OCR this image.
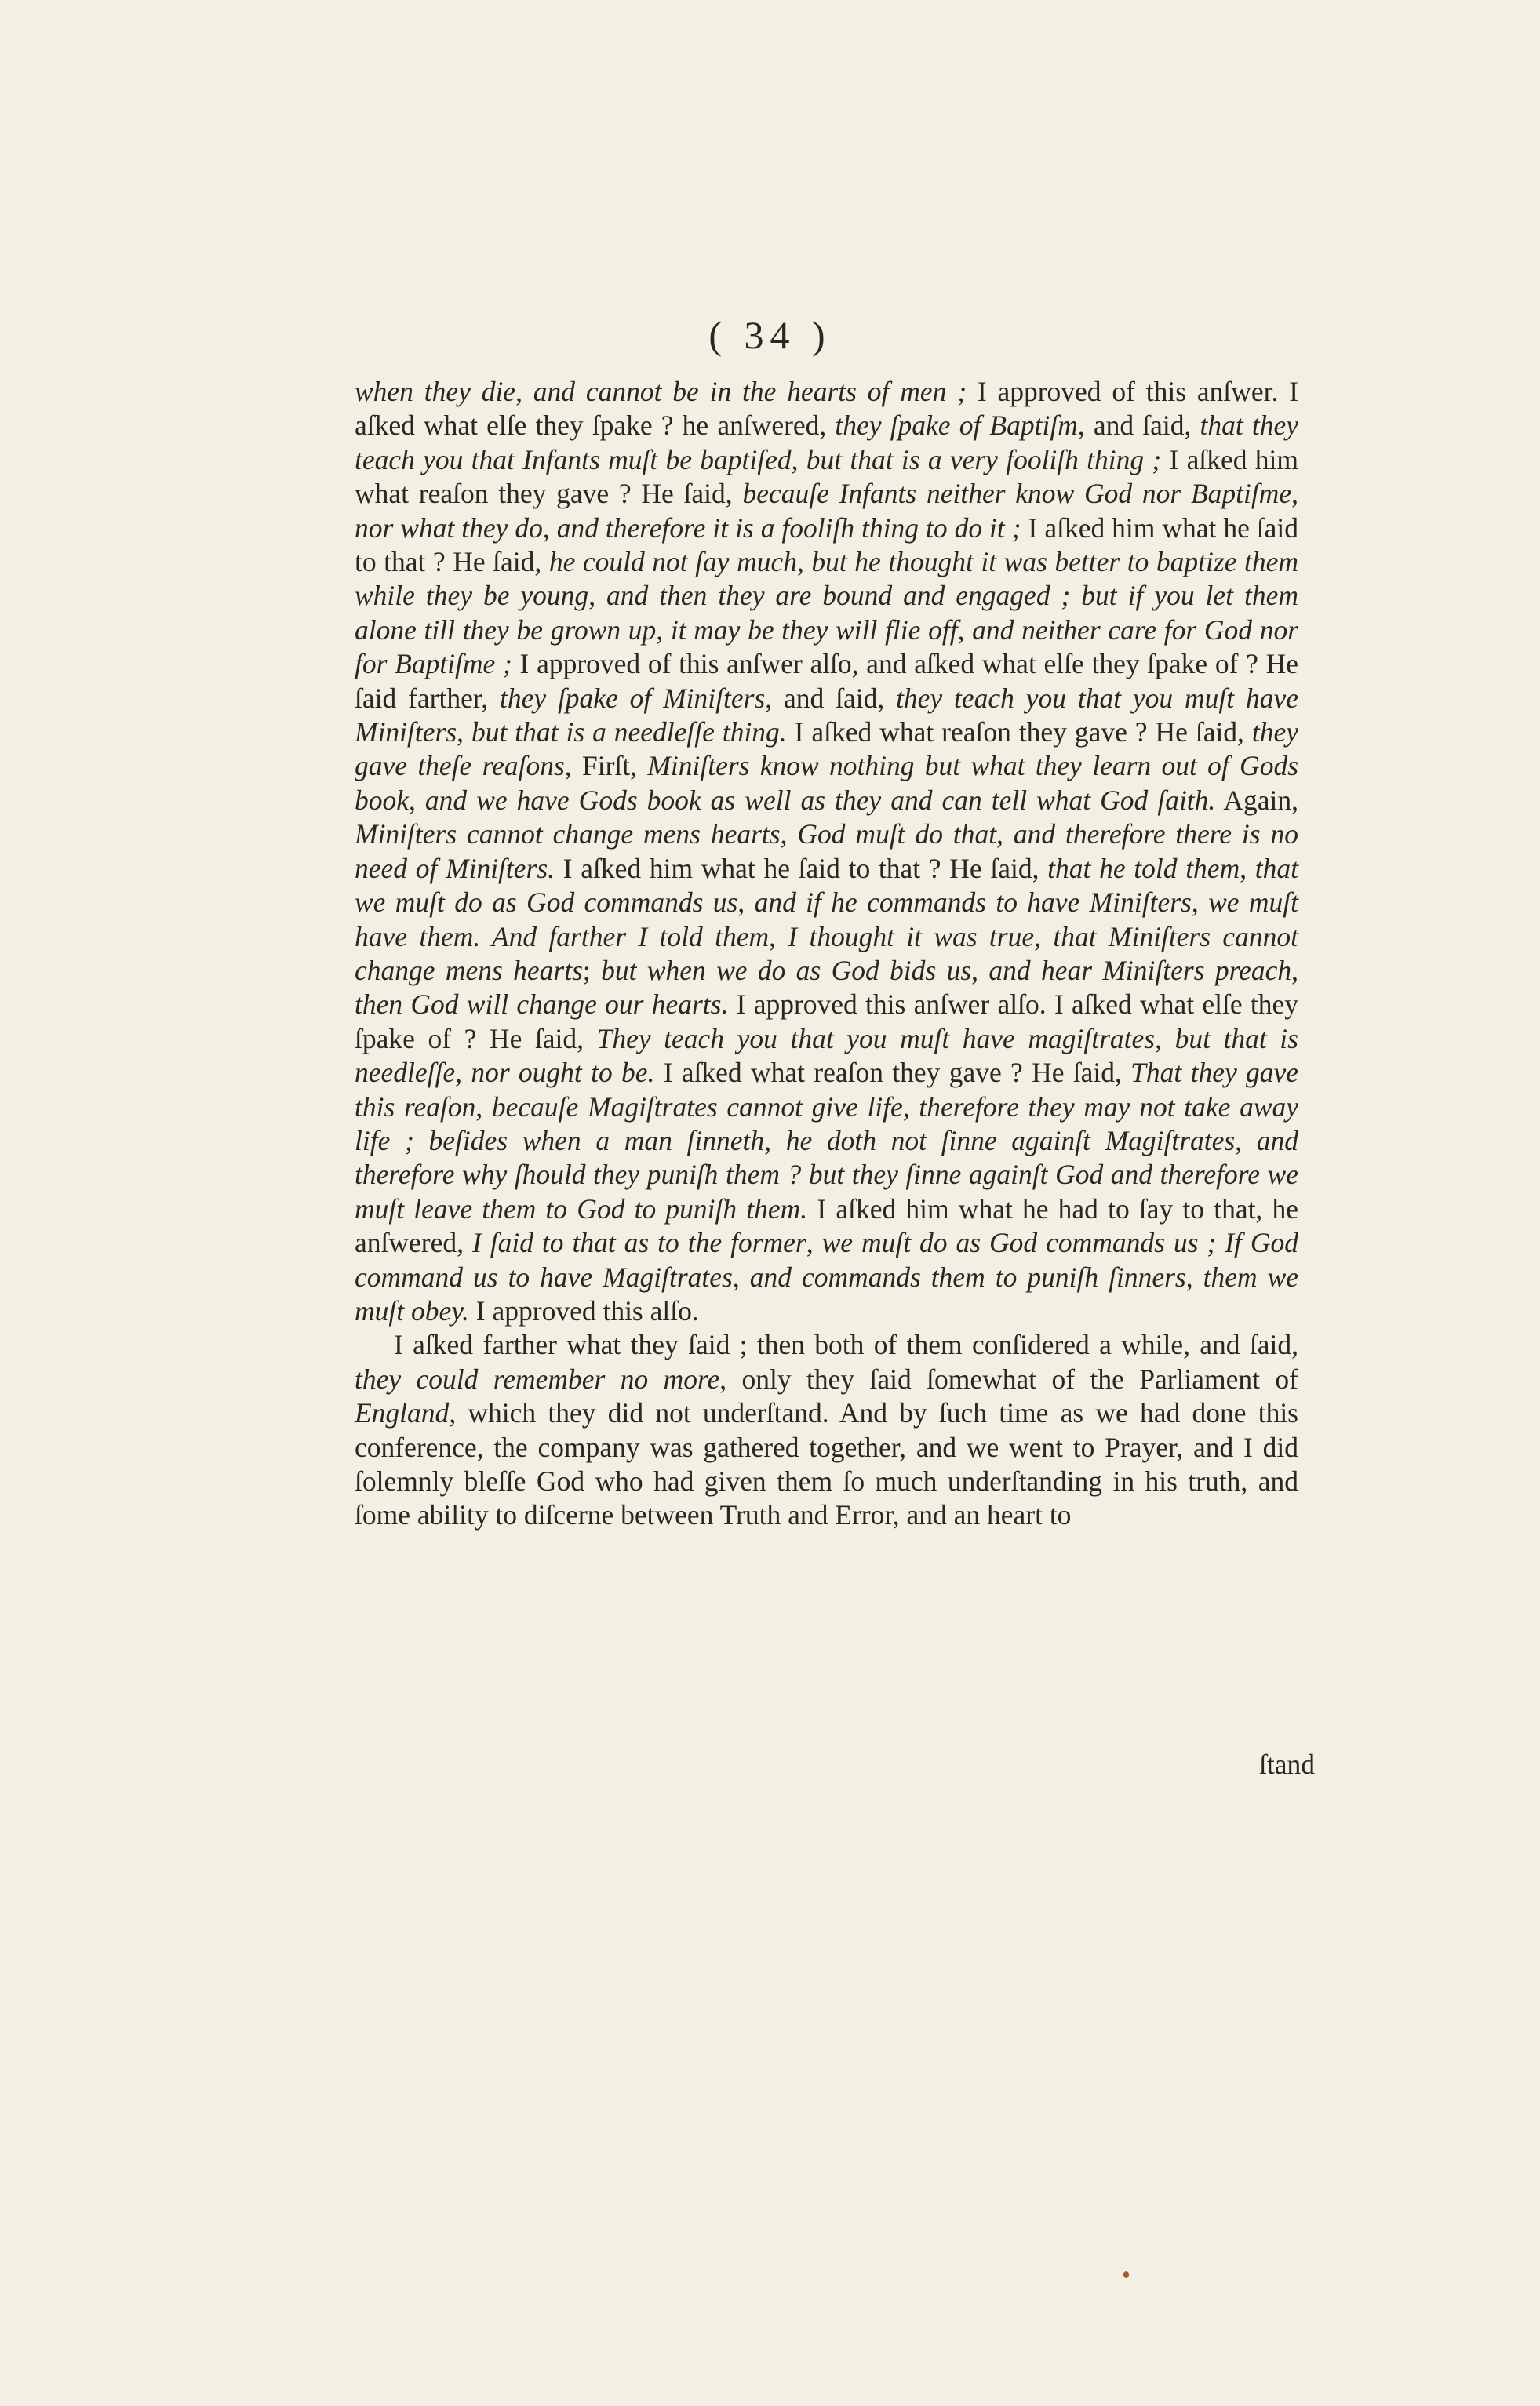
( 34 )

when they die, and cannot be in the hearts of men ; I approved of this anſwer. I aſked what elſe they ſpake ? he anſwered, they ſpake of Baptiſm, and ſaid, that they teach you that Infants muſt be baptiſed, but that is a very fooliſh thing ; I aſked him what reaſon they gave ? He ſaid, becauſe Infants neither know God nor Baptiſme, nor what they do, and therefore it is a fooliſh thing to do it ; I aſked him what he ſaid to that ? He ſaid, he could not ſay much, but he thought it was better to baptize them while they be young, and then they are bound and engaged ; but if you let them alone till they be grown up, it may be they will flie off, and neither care for God nor for Baptiſme ; I approved of this anſwer alſo, and aſked what elſe they ſpake of ? He ſaid farther, they ſpake of Miniſters, and ſaid, they teach you that you muſt have Miniſters, but that is a needleſſe thing. I aſked what reaſon they gave ? He ſaid, they gave theſe reaſons, Firſt, Miniſters know nothing but what they learn out of Gods book, and we have Gods book as well as they and can tell what God ſaith. Again, Miniſters cannot change mens hearts, God muſt do that, and therefore there is no need of Miniſters. I aſked him what he ſaid to that ? He ſaid, that he told them, that we muſt do as God commands us, and if he commands to have Miniſters, we muſt have them. And farther I told them, I thought it was true, that Miniſters cannot change mens hearts; but when we do as God bids us, and hear Miniſters preach, then God will change our hearts. I approved this anſwer alſo. I aſked what elſe they ſpake of ? He ſaid, They teach you that you muſt have magiſtrates, but that is needleſſe, nor ought to be. I aſked what reaſon they gave ? He ſaid, That they gave this reaſon, becauſe Magiſtrates cannot give life, therefore they may not take away life ; beſides when a man ſinneth, he doth not ſinne againſt Magiſtrates, and therefore why ſhould they puniſh them ? but they ſinne againſt God and therefore we muſt leave them to God to puniſh them. I aſked him what he had to ſay to that, he anſwered, I ſaid to that as to the former, we muſt do as God commands us ; If God command us to have Magiſtrates, and commands them to puniſh ſinners, them we muſt obey. I approved this alſo.

I aſked farther what they ſaid ; then both of them conſidered a while, and ſaid, they could remember no more, only they ſaid ſomewhat of the Parliament of England, which they did not underſtand. And by ſuch time as we had done this conference, the company was gathered together, and we went to Prayer, and I did ſolemnly bleſſe God who had given them ſo much underſtanding in his truth, and ſome ability to diſcerne between Truth and Error, and an heart to

ſtand
